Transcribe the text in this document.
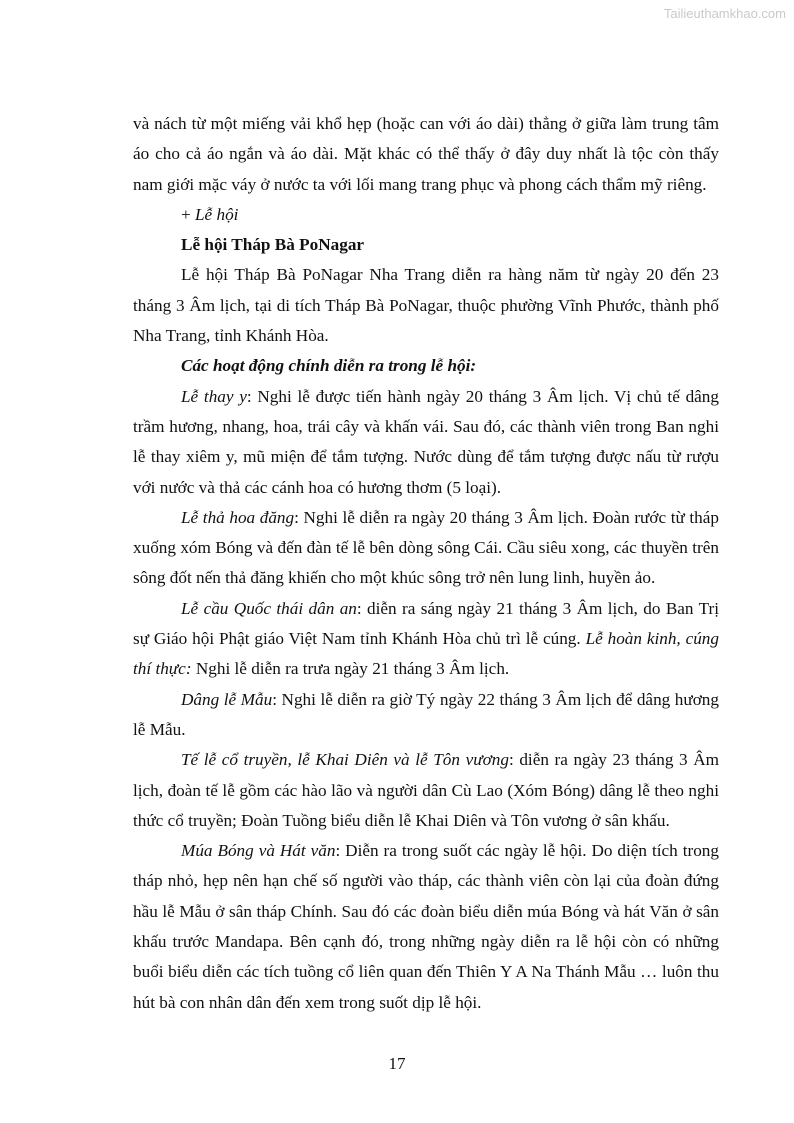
Tailieuthamkhao.com

và nách từ một miếng vải khổ hẹp (hoặc can với áo dài) thẳng ở giữa làm trung tâm áo cho cả áo ngắn và áo dài. Mặt khác có thể thấy ở đây duy nhất là tộc còn thấy nam giới mặc váy ở nước ta với lối mang trang phục và phong cách thẩm mỹ riêng.

+ Lễ hội

Lễ hội Tháp Bà PoNagar

Lễ hội Tháp Bà PoNagar Nha Trang diễn ra hàng năm từ ngày 20 đến 23 tháng 3 Âm lịch, tại di tích Tháp Bà PoNagar, thuộc phường Vĩnh Phước, thành phố Nha Trang, tỉnh Khánh Hòa.

Các hoạt động chính diễn ra trong lễ hội:

Lễ thay y: Nghi lễ được tiến hành ngày 20 tháng 3 Âm lịch. Vị chủ tế dâng trầm hương, nhang, hoa, trái cây và khấn vái. Sau đó, các thành viên trong Ban nghi lễ thay xiêm y, mũ miện để tắm tượng. Nước dùng để tắm tượng được nấu từ rượu với nước và thả các cánh hoa có hương thơm (5 loại).

Lễ thả hoa đăng: Nghi lễ diễn ra ngày 20 tháng 3 Âm lịch. Đoàn rước từ tháp xuống xóm Bóng và đến đàn tế lễ bên dòng sông Cái. Cầu siêu xong, các thuyền trên sông đốt nến thả đăng khiến cho một khúc sông trở nên lung linh, huyền ảo.

Lễ cầu Quốc thái dân an: diễn ra sáng ngày 21 tháng 3 Âm lịch, do Ban Trị sự Giáo hội Phật giáo Việt Nam tỉnh Khánh Hòa chủ trì lễ cúng. Lễ hoàn kinh, cúng thí thực: Nghi lễ diễn ra trưa ngày 21 tháng 3 Âm lịch.

Dâng lễ Mẫu: Nghi lễ diễn ra giờ Tý ngày 22 tháng 3 Âm lịch để dâng hương lễ Mẫu.

Tế lễ cổ truyền, lễ Khai Diên và lễ Tôn vương: diễn ra ngày 23 tháng 3 Âm lịch, đoàn tế lễ gồm các hào lão và người dân Cù Lao (Xóm Bóng) dâng lễ theo nghi thức cổ truyền; Đoàn Tuồng biểu diễn lễ Khai Diên và Tôn vương ở sân khấu.

Múa Bóng và Hát văn: Diễn ra trong suốt các ngày lễ hội. Do diện tích trong tháp nhỏ, hẹp nên hạn chế số người vào tháp, các thành viên còn lại của đoàn đứng hầu lễ Mẫu ở sân tháp Chính. Sau đó các đoàn biểu diễn múa Bóng và hát Văn ở sân khấu trước Mandapa. Bên cạnh đó, trong những ngày diễn ra lễ hội còn có những buổi biểu diễn các tích tuồng cổ liên quan đến Thiên Y A Na Thánh Mẫu … luôn thu hút bà con nhân dân đến xem trong suốt dịp lễ hội.

17
